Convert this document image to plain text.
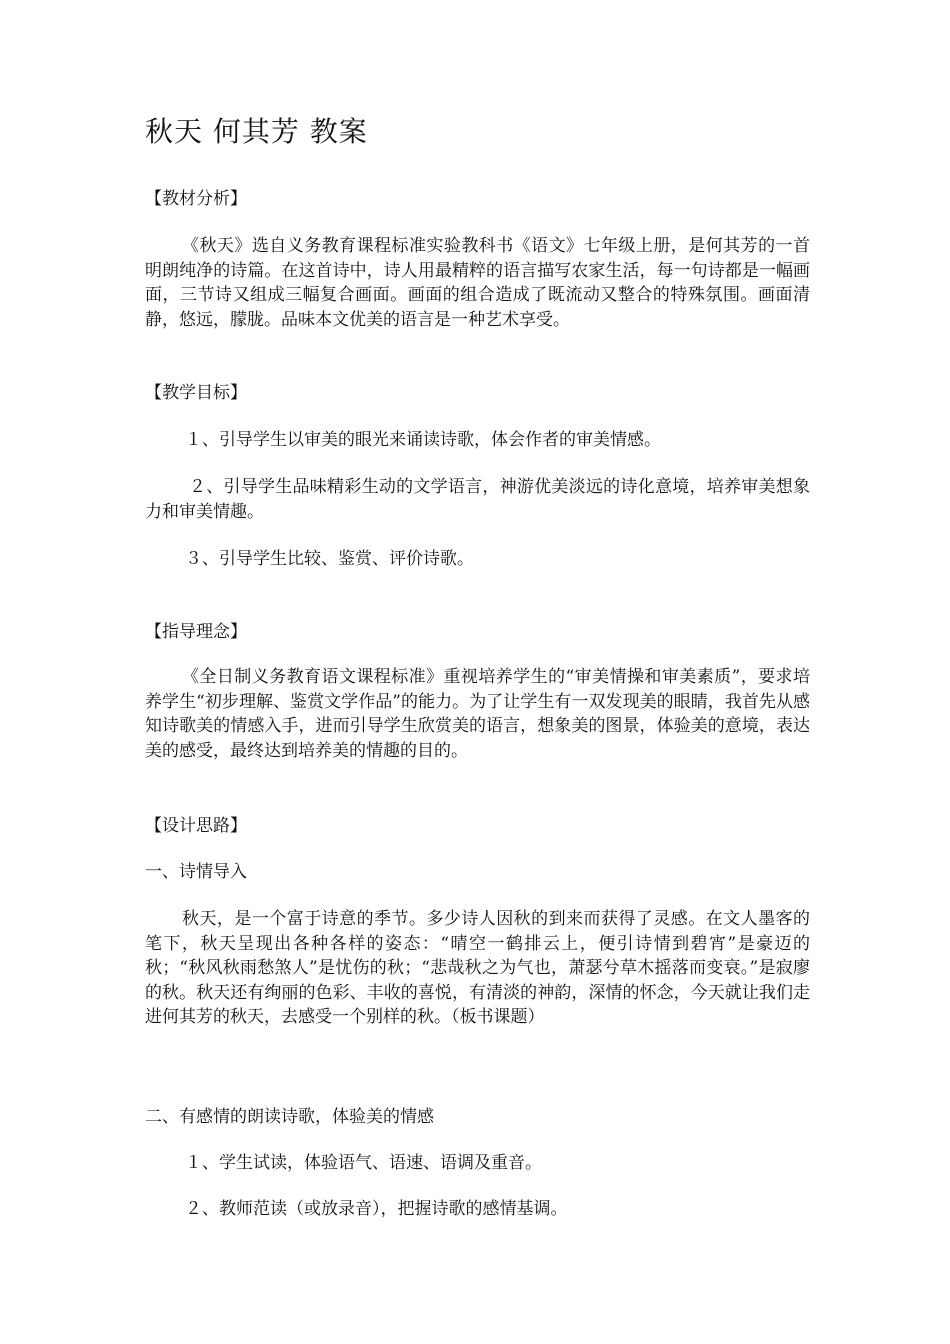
秋天 何其芳 教案
【教材分析】
《秋天》选自义务教育课程标准实验教科书《语文》七年级上册，是何其芳的一首明朗纯净的诗篇。在这首诗中，诗人用最精粹的语言描写农家生活，每一句诗都是一幅画面，三节诗又组成三幅复合画面。画面的组合造成了既流动又整合的特殊氛围。画面清静，悠远，朦胧。品味本文优美的语言是一种艺术享受。
【教学目标】
１、引导学生以审美的眼光来诵读诗歌，体会作者的审美情感。
２、引导学生品味精彩生动的文学语言，神游优美淡远的诗化意境，培养审美想象力和审美情趣。
３、引导学生比较、鉴赏、评价诗歌。
【指导理念】
《全日制义务教育语文课程标准》重视培养学生的“审美情操和审美素质”，要求培养学生“初步理解、鉴赏文学作品”的能力。为了让学生有一双发现美的眼睛，我首先从感知诗歌美的情感入手，进而引导学生欣赏美的语言，想象美的图景，体验美的意境，表达美的感受，最终达到培养美的情趣的目的。
【设计思路】
一、诗情导入
秋天，是一个富于诗意的季节。多少诗人因秋的到来而获得了灵感。在文人墨客的笔下，秋天呈现出各种各样的姿态：“晴空一鹤排云上，便引诗情到碧宵”是豪迈的秋；“秋风秋雨愁煞人”是忧伤的秋；“悲哉秋之为气也，萧瑟兮草木摇落而变衰。”是寂廖的秋。秋天还有绚丽的色彩、丰收的喜悦，有清淡的神韵，深情的怀念，今天就让我们走进何其芳的秋天，去感受一个别样的秋。（板书课题）
二、有感情的朗读诗歌，体验美的情感
１、学生试读，体验语气、语速、语调及重音。
２、教师范读（或放录音），把握诗歌的感情基调。
